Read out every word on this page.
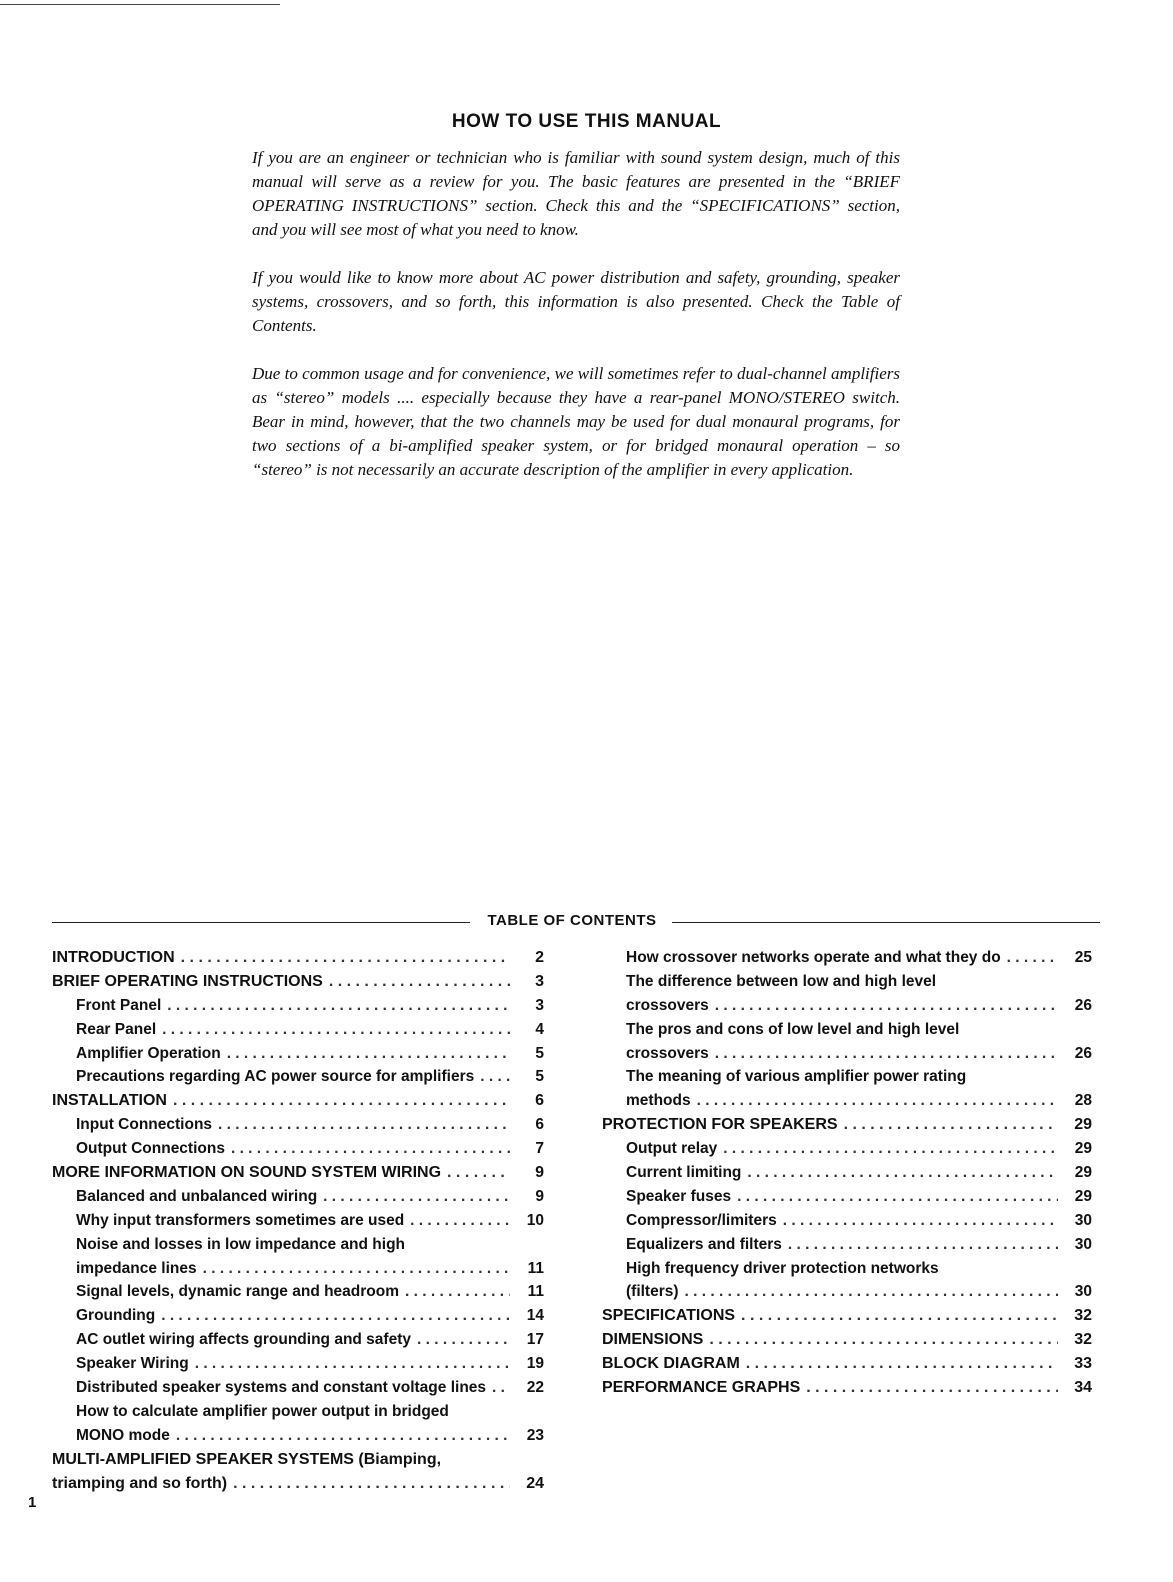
HOW TO USE THIS MANUAL

If you are an engineer or technician who is familiar with sound system design, much of this manual will serve as a review for you. The basic features are presented in the “BRIEF OPERATING INSTRUCTIONS” section. Check this and the “SPECIFICATIONS” section, and you will see most of what you need to know.

If you would like to know more about AC power distribution and safety, grounding, speaker systems, crossovers, and so forth, this information is also presented. Check the Table of Contents.

Due to common usage and for convenience, we will sometimes refer to dual-channel amplifiers as “stereo” models .... especially because they have a rear-panel MONO/STEREO switch. Bear in mind, however, that the two channels may be used for dual monaural programs, for two sections of a bi-amplified speaker system, or for bridged monaural operation – so “stereo” is not necessarily an accurate description of the amplifier in every application.

TABLE OF CONTENTS
INTRODUCTION . . .	2
BRIEF OPERATING INSTRUCTIONS . . .	3
Front Panel . . .	3
Rear Panel . . .	4
Amplifier Operation . . .	5
Precautions regarding AC power source for amplifiers . . .	5
INSTALLATION . . .	6
Input Connections . . .	6
Output Connections . . .	7
MORE INFORMATION ON SOUND SYSTEM WIRING . . .	9
Balanced and unbalanced wiring . . .	9
Why input transformers sometimes are used . . .	10
Noise and losses in low impedance and high
impedance lines . . .	11
Signal levels, dynamic range and headroom . . .	11
Grounding . . .	14
AC outlet wiring affects grounding and safety . . .	17
Speaker Wiring . . .	19
Distributed speaker systems and constant voltage lines . . .	22
How to calculate amplifier power output in bridged
MONO mode . . .	23
MULTI-AMPLIFIED SPEAKER SYSTEMS (Biamping,
triamping and so forth) . . .	24
How crossover networks operate and what they do . . .	25
The difference between low and high level
crossovers . . .	26
The pros and cons of low level and high level
crossovers . . .	26
The meaning of various amplifier power rating
methods . . .	28
PROTECTION FOR SPEAKERS . . .	29
Output relay . . .	29
Current limiting . . .	29
Speaker fuses . . .	29
Compressor/limiters . . .	30
Equalizers and filters . . .	30
High frequency driver protection networks
(filters) . . .	30
SPECIFICATIONS . . .	32
DIMENSIONS . . .	32
BLOCK DIAGRAM . . .	33
PERFORMANCE GRAPHS . . .	34
1
